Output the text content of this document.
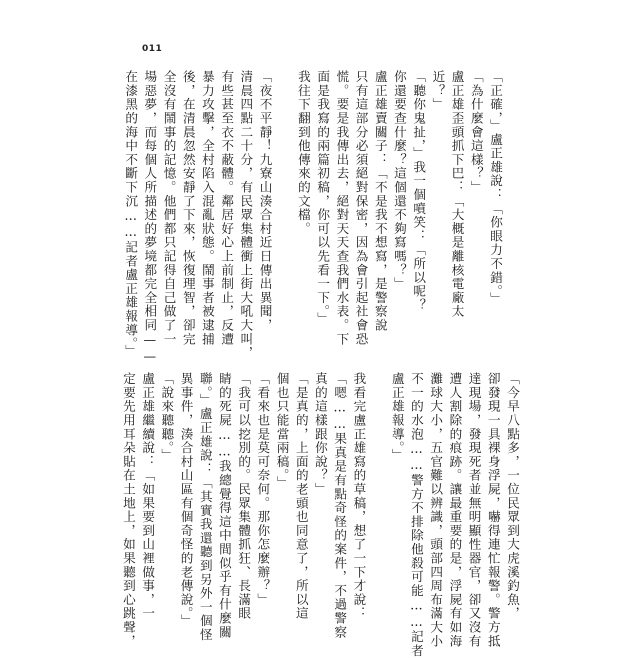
011
「正確，」盧正雄說：「你眼力不錯。」
「為什麼會這樣？」
盧正雄歪頭抓下巴：「大概是離核電廠太
近？」
「聽你鬼扯，」我一個噴笑：「所以呢？
你還要查什麼？這個還不夠寫嗎？」
盧正雄賣關子：「不是我不想寫，是警察說
只有這部分必須絕對保密，因為會引起社會恐
慌。要是我傳出去，絕對天天查我們水表。下
面是我寫的兩篇初稿，你可以先看一下。」
我往下翻到他傳來的文檔。

「夜不平靜！九寮山湊合村近日傳出異聞，
清晨四點二十分，有民眾集體衝上街大吼大叫，
有些甚至衣不蔽體。鄰居好心上前制止，反遭
暴力攻擊，全村陷入混亂狀態。鬧事者被逮捕
後，在清晨忽然安靜了下來，恢復理智，卻完
全沒有鬧事的記憶。他們都只記得自己做了一
場惡夢，而每個人所描述的夢境都完全相同——
在漆黑的海中不斷下沉……記者盧正雄報導。」
「今早八點多，一位民眾到大虎溪釣魚，
卻發現一具裸身浮屍，嚇得連忙報警。警方抵
達現場，發現死者並無明顯性器官，卻又沒有
遭人割除的痕跡。讓最重要的是，浮屍有如海
灘球大小，五官難以辨識，頭部四周布滿大小
不一的水泡……警方不排除他殺可能……記者
盧正雄報導。」

我看完盧正雄寫的草稿，想了一下才說：
「嗯……果真是有點奇怪的案件，不過警察
真的這樣跟你說？」
「是真的，上面的老頭也同意了，所以這
個也只能當兩稿。」
「看來也是莫可奈何。那你怎麼辦？」
「我可以挖別的。民眾集體抓狂、長滿眼
睛的死屍……我總覺得這中間似乎有什麼關
聯。」盧正雄說：「其實我還聽到另外一個怪
異事件，湊合村山區有個奇怪的老傳說。」
「說來聽聽。」
盧正雄繼續說：「如果要到山裡做事，一
定要先用耳朵貼在土地上，如果聽到心跳聲，
